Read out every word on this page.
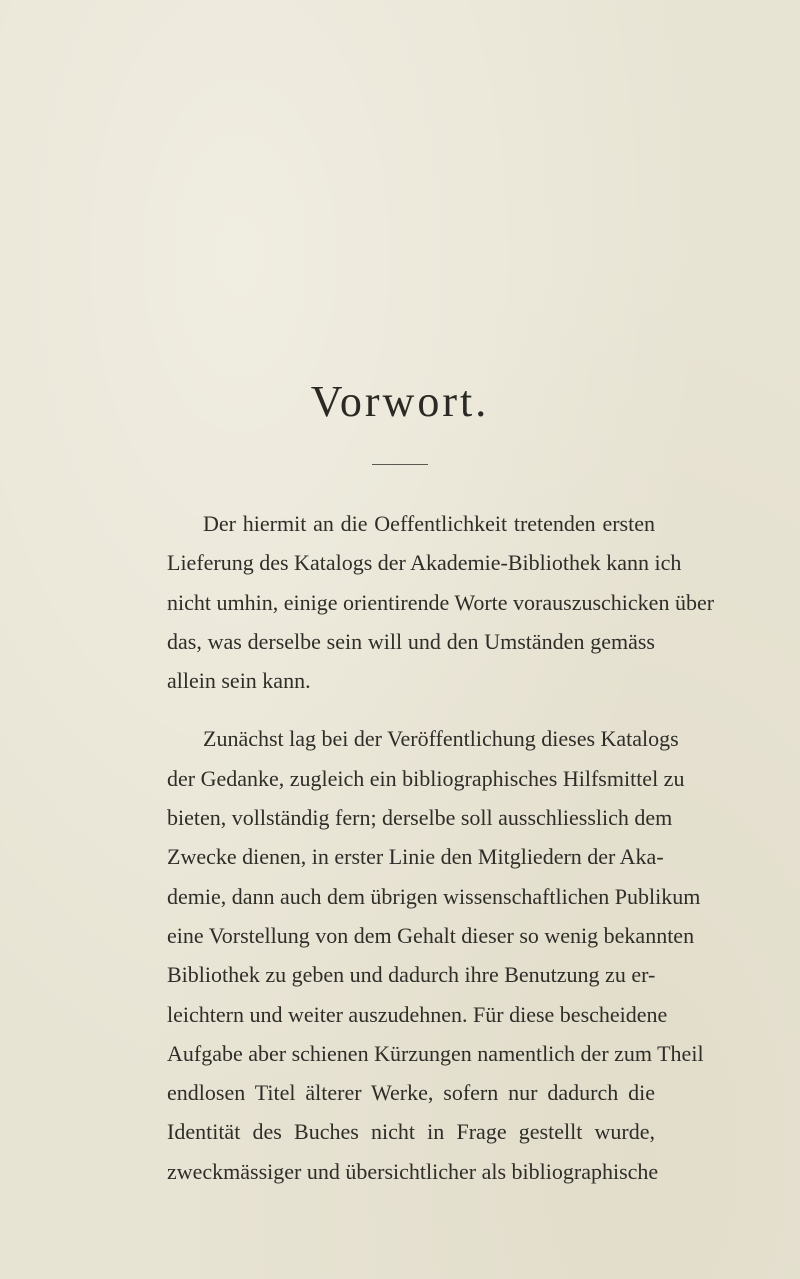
Vorwort.
Der hiermit an die Oeffentlichkeit tretenden ersten
Lieferung des Katalogs der Akademie-Bibliothek kann ich
nicht umhin, einige orientirende Worte vorauszuschicken über
das, was derselbe sein will und den Umständen gemäss
allein sein kann.
Zunächst lag bei der Veröffentlichung dieses Katalogs
der Gedanke, zugleich ein bibliographisches Hilfsmittel zu
bieten, vollständig fern; derselbe soll ausschliesslich dem
Zwecke dienen, in erster Linie den Mitgliedern der Aka-
demie, dann auch dem übrigen wissenschaftlichen Publikum
eine Vorstellung von dem Gehalt dieser so wenig bekannten
Bibliothek zu geben und dadurch ihre Benutzung zu er-
leichtern und weiter auszudehnen. Für diese bescheidene
Aufgabe aber schienen Kürzungen namentlich der zum Theil
endlosen Titel älterer Werke, sofern nur dadurch die
Identität des Buches nicht in Frage gestellt wurde,
zweckmässiger und übersichtlicher als bibliographische
